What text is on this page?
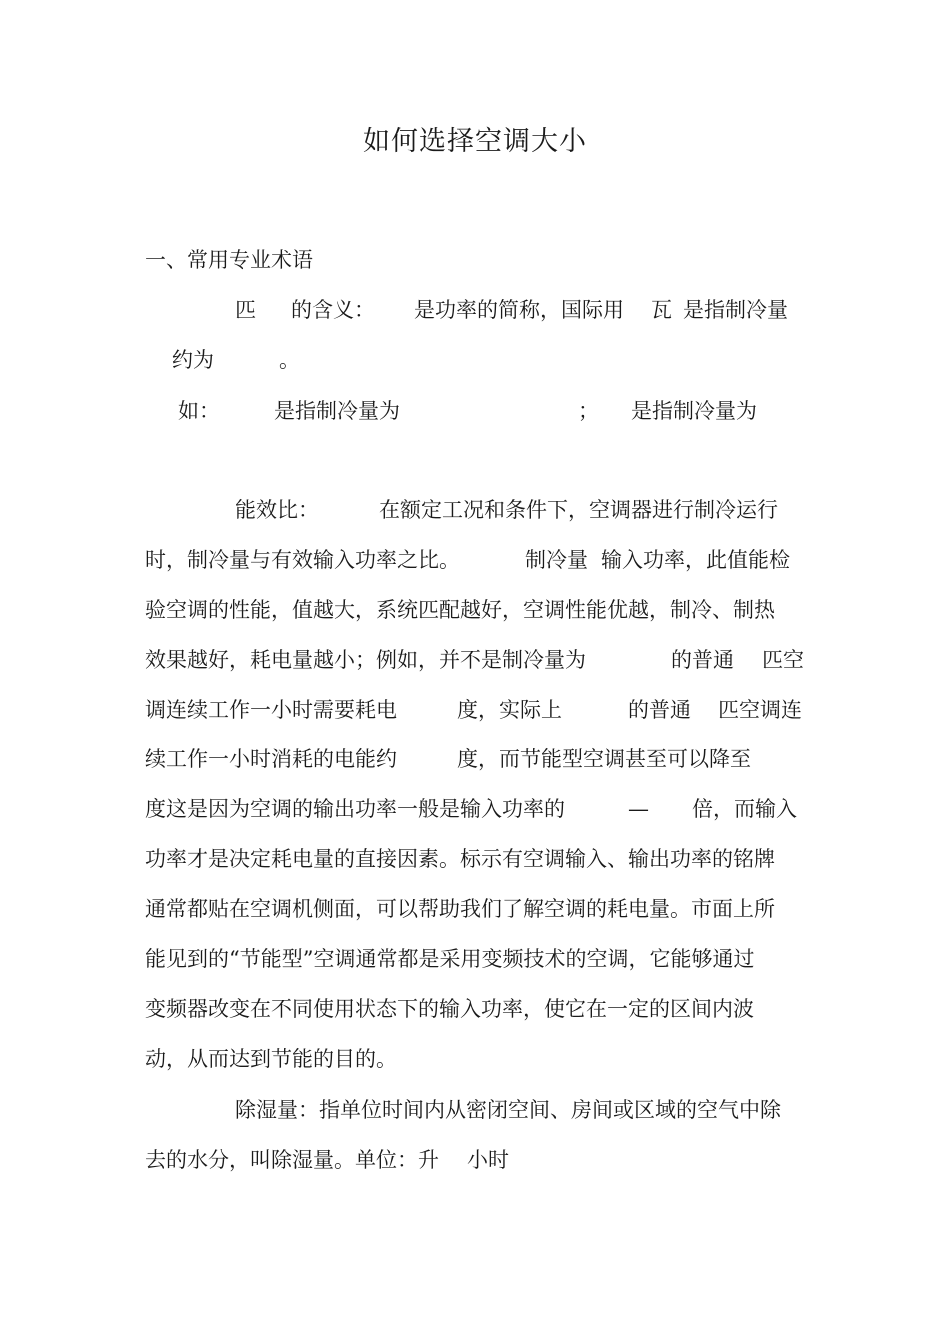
如何选择空调大小
一、常用专业术语
匹 的含义： 是功率的简称，国际用 瓦 是指制冷量
约为	。
如：	是指制冷量为	； 是指制冷量为
能效比：	在额定工况和条件下，空调器进行制冷运行
时，制冷量与有效输入功率之比。	制冷量 输入功率，此值能检
验空调的性能，值越大，系统匹配越好，空调性能优越，制冷、制热
效果越好，耗电量越小；例如，并不是制冷量为	的普通 匹空
调连续工作一小时需要耗电	度，实际上	的普通 匹空调连
续工作一小时消耗的电能约	度，而节能型空调甚至可以降至
度这是因为空调的输出功率一般是输入功率的	— 倍，而输入
功率才是决定耗电量的直接因素。标示有空调输入、输出功率的铭牌
通常都贴在空调机侧面，可以帮助我们了解空调的耗电量。市面上所
能见到的“节能型”空调通常都是采用变频技术的空调，它能够通过
变频器改变在不同使用状态下的输入功率，使它在一定的区间内波
动，从而达到节能的目的。
除湿量：指单位时间内从密闭空间、房间或区域的空气中除
去的水分，叫除湿量。单位：升 小时
